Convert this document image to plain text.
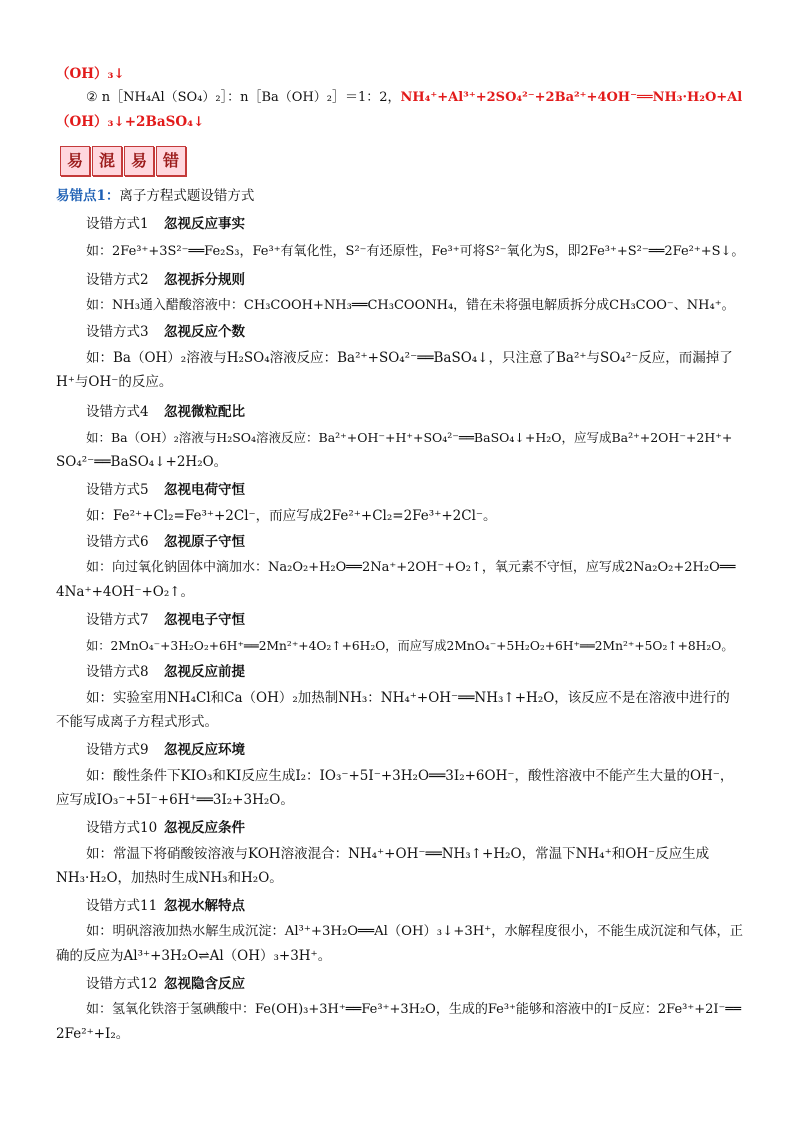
（OH）₃↓
② n［NH₄Al（SO₄）₂］：n［Ba（OH）₂］＝1：2，NH₄⁺+Al³⁺+2SO₄²⁻+2Ba²⁺+4OH⁻══NH₃·H₂O+Al
（OH）₃↓+2BaSO₄↓
易 混 易 错
易错点1：离子方程式题设错方式
设错方式1 忽视反应事实
如：2Fe³⁺+3S²⁻══Fe₂S₃，Fe³⁺有氧化性，S²⁻有还原性，Fe³⁺可将S²⁻氧化为S，即2Fe³⁺+S²⁻══2Fe²⁺+S↓。
设错方式2 忽视拆分规则
如：NH₃通入醋酸溶液中：CH₃COOH+NH₃══CH₃COONH₄，错在未将强电解质拆分成CH₃COO⁻、NH₄⁺。
设错方式3 忽视反应个数
如：Ba（OH）₂溶液与H₂SO₄溶液反应：Ba²⁺+SO₄²⁻══BaSO₄↓，只注意了Ba²⁺与SO₄²⁻反应，而漏掉了
H⁺与OH⁻的反应。
设错方式4 忽视微粒配比
如：Ba（OH）₂溶液与H₂SO₄溶液反应：Ba²⁺+OH⁻+H⁺+SO₄²⁻══BaSO₄↓+H₂O，应写成Ba²⁺+2OH⁻+2H⁺+
SO₄²⁻══BaSO₄↓+2H₂O。
设错方式5 忽视电荷守恒
如：Fe²⁺+Cl₂=Fe³⁺+2Cl⁻，而应写成2Fe²⁺+Cl₂=2Fe³⁺+2Cl⁻。
设错方式6 忽视原子守恒
如：向过氧化钠固体中滴加水：Na₂O₂+H₂O══2Na⁺+2OH⁻+O₂↑，氧元素不守恒，应写成2Na₂O₂+2H₂O══
4Na⁺+4OH⁻+O₂↑。
设错方式7 忽视电子守恒
如：2MnO₄⁻+3H₂O₂+6H⁺══2Mn²⁺+4O₂↑+6H₂O，而应写成2MnO₄⁻+5H₂O₂+6H⁺══2Mn²⁺+5O₂↑+8H₂O。
设错方式8 忽视反应前提
如：实验室用NH₄Cl和Ca（OH）₂加热制NH₃：NH₄⁺+OH⁻══NH₃↑+H₂O，该反应不是在溶液中进行的
不能写成离子方程式形式。
设错方式9 忽视反应环境
如：酸性条件下KIO₃和KI反应生成I₂：IO₃⁻+5I⁻+3H₂O══3I₂+6OH⁻，酸性溶液中不能产生大量的OH⁻，
应写成IO₃⁻+5I⁻+6H⁺══3I₂+3H₂O。
设错方式10 忽视反应条件
如：常温下将硝酸铵溶液与KOH溶液混合：NH₄⁺+OH⁻══NH₃↑+H₂O，常温下NH₄⁺和OH⁻反应生成
NH₃·H₂O，加热时生成NH₃和H₂O。
设错方式11 忽视水解特点
如：明矾溶液加热水解生成沉淀：Al³⁺+3H₂O══Al（OH）₃↓+3H⁺，水解程度很小，不能生成沉淀和气体，正
确的反应为Al³⁺+3H₂O⇌Al（OH）₃+3H⁺。
设错方式12 忽视隐含反应
如：氢氧化铁溶于氢碘酸中：Fe(OH)₃+3H⁺══Fe³⁺+3H₂O，生成的Fe³⁺能够和溶液中的I⁻反应：2Fe³⁺+2I⁻══
2Fe²⁺+I₂。
